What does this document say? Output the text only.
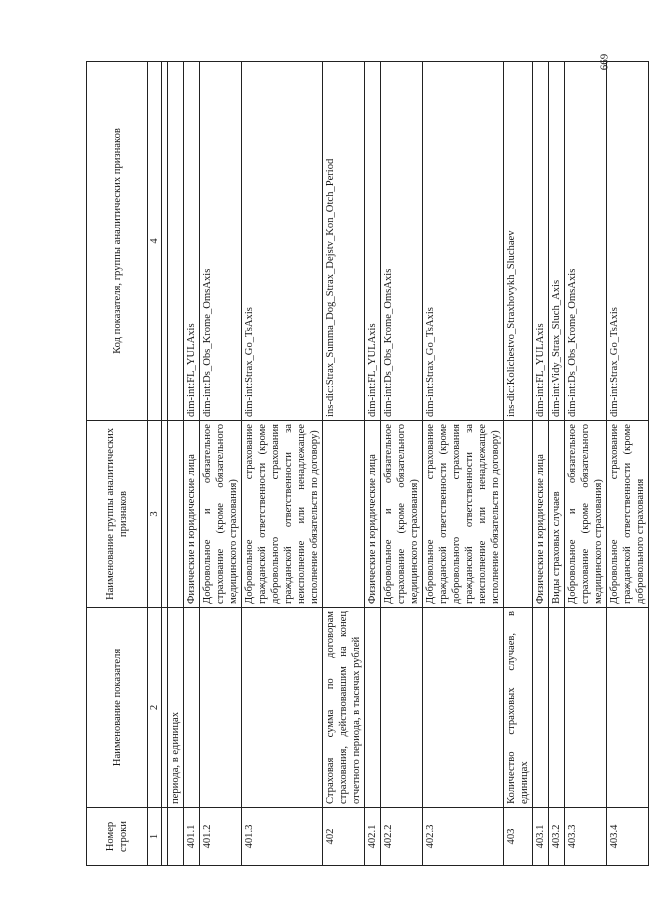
Номер строки	Наименование показателя	Наименование группы аналитических признаков	Код показателя, группы аналитических признаков
1	2	3	4

	периода, в единицах		
401.1		Физические и юридические лица	dim-int:FL_YULAxis
401.2		Добровольное и обязательное страхование (кроме обязательного медицинского страхования)	dim-int:Ds_Obs_Krome_OmsAxis
401.3		Добровольное страхование гражданской ответственности (кроме добровольного страхования гражданской ответственности за неисполнение или ненадлежащее исполнение обязательств по договору)	dim-int:Strax_Go_TsAxis
402	Страховая сумма по договорам страхования, действовавшим на конец отчетного периода, в тысячах рублей		ins-dic:Strax_Summa_Dog_Strax_Dejstv_Kon_Otch_Period
402.1		Физические и юридические лица	dim-int:FL_YULAxis
402.2		Добровольное и обязательное страхование (кроме обязательного медицинского страхования)	dim-int:Ds_Obs_Krome_OmsAxis
402.3		Добровольное страхование гражданской ответственности (кроме добровольного страхования гражданской ответственности за неисполнение или ненадлежащее исполнение обязательств по договору)	dim-int:Strax_Go_TsAxis
403	Количество страховых случаев, в единицах		ins-dic:Kolichestvo_Straxhovykh_Sluchaev
403.1		Физические и юридические лица	dim-int:FL_YULAxis
403.2		Виды страховых случаев	dim-int:Vidy_Strax_Sluch_Axis
403.3		Добровольное и обязательное страхование (кроме обязательного медицинского страхования)	dim-int:Ds_Obs_Krome_OmsAxis
403.4		Добровольное страхование гражданской ответственности (кроме добровольного страхования	dim-int:Strax_Go_TsAxis
669
